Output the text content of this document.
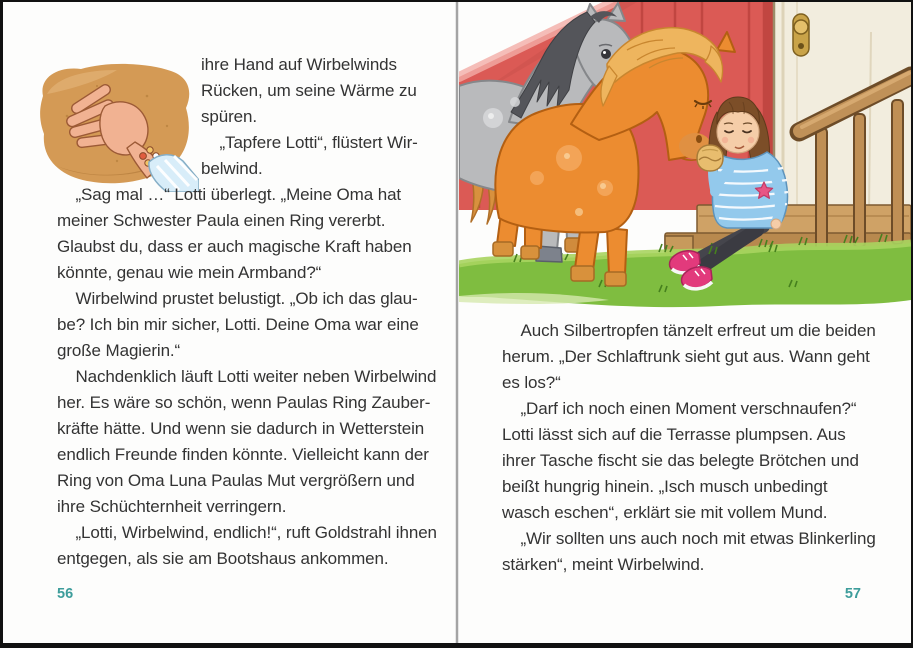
ihre Hand auf Wirbelwinds
Rücken, um seine Wärme zu
spüren.
„Tapfere Lotti“, flüstert Wir-
belwind.
„Sag mal …“ Lotti überlegt. „Meine Oma hat
meiner Schwester Paula einen Ring vererbt.
Glaubst du, dass er auch magische Kraft haben
könnte, genau wie mein Armband?“
Wirbelwind prustet belustigt. „Ob ich das glau-
be? Ich bin mir sicher, Lotti. Deine Oma war eine
große Magierin.“
Nachdenklich läuft Lotti weiter neben Wirbelwind
her. Es wäre so schön, wenn Paulas Ring Zauber-
kräfte hätte. Und wenn sie dadurch in Wetterstein
endlich Freunde finden könnte. Vielleicht kann der
Ring von Oma Luna Paulas Mut vergrößern und
ihre Schüchternheit verringern.
„Lotti, Wirbelwind, endlich!“, ruft Goldstrahl ihnen
entgegen, als sie am Bootshaus ankommen.
56
Auch Silbertropfen tänzelt erfreut um die beiden
herum. „Der Schlaftrunk sieht gut aus. Wann geht
es los?“
„Darf ich noch einen Moment verschnaufen?“
Lotti lässt sich auf die Terrasse plumpsen. Aus
ihrer Tasche fischt sie das belegte Brötchen und
beißt hungrig hinein. „Isch musch unbedingt
wasch eschen“, erklärt sie mit vollem Mund.
„Wir sollten uns auch noch mit etwas Blinkerling
stärken“, meint Wirbelwind.
57
